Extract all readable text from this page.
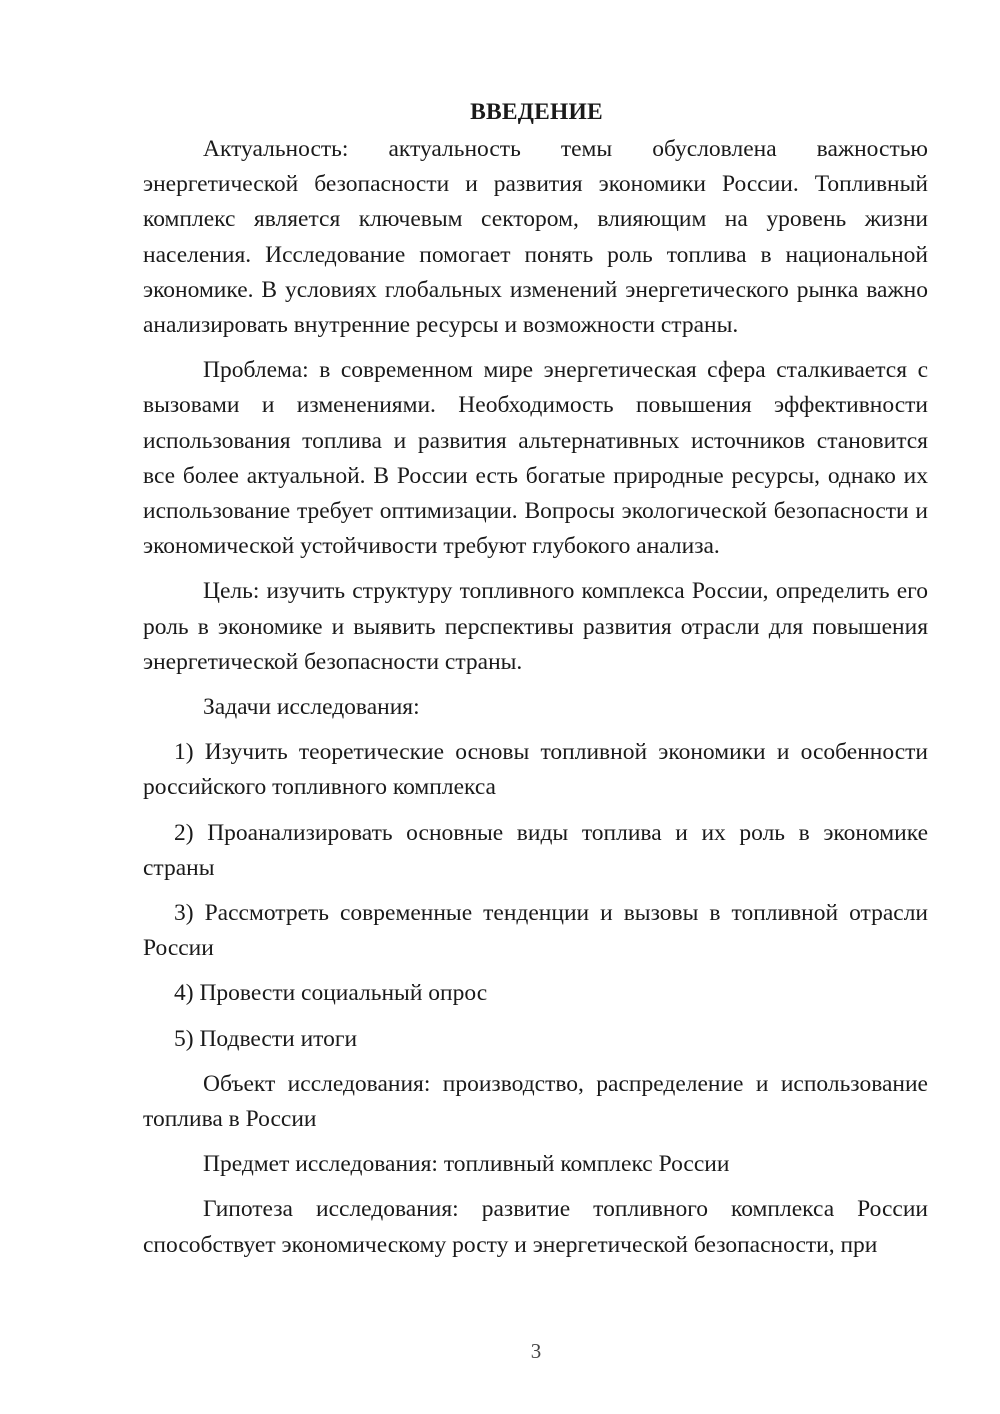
ВВЕДЕНИЕ

Актуальность: актуальность темы обусловлена важностью энергетической безопасности и развития экономики России. Топливный комплекс является ключевым сектором, влияющим на уровень жизни населения. Исследование помогает понять роль топлива в национальной экономике. В условиях глобальных изменений энергетического рынка важно анализировать внутренние ресурсы и возможности страны.

Проблема: в современном мире энергетическая сфера сталкивается с вызовами и изменениями. Необходимость повышения эффективности использования топлива и развития альтернативных источников становится все более актуальной. В России есть богатые природные ресурсы, однако их использование требует оптимизации. Вопросы экологической безопасности и экономической устойчивости требуют глубокого анализа.

Цель: изучить структуру топливного комплекса России, определить его роль в экономике и выявить перспективы развития отрасли для повышения энергетической безопасности страны.

Задачи исследования:

1) Изучить теоретические основы топливной экономики и особенности российского топливного комплекса

2) Проанализировать основные виды топлива и их роль в экономике страны

3) Рассмотреть современные тенденции и вызовы в топливной отрасли России

4) Провести социальный опрос

5) Подвести итоги

Объект исследования: производство, распределение и использование топлива в России

Предмет исследования: топливный комплекс России

Гипотеза исследования: развитие топливного комплекса России способствует экономическому росту и энергетической безопасности, при

3
